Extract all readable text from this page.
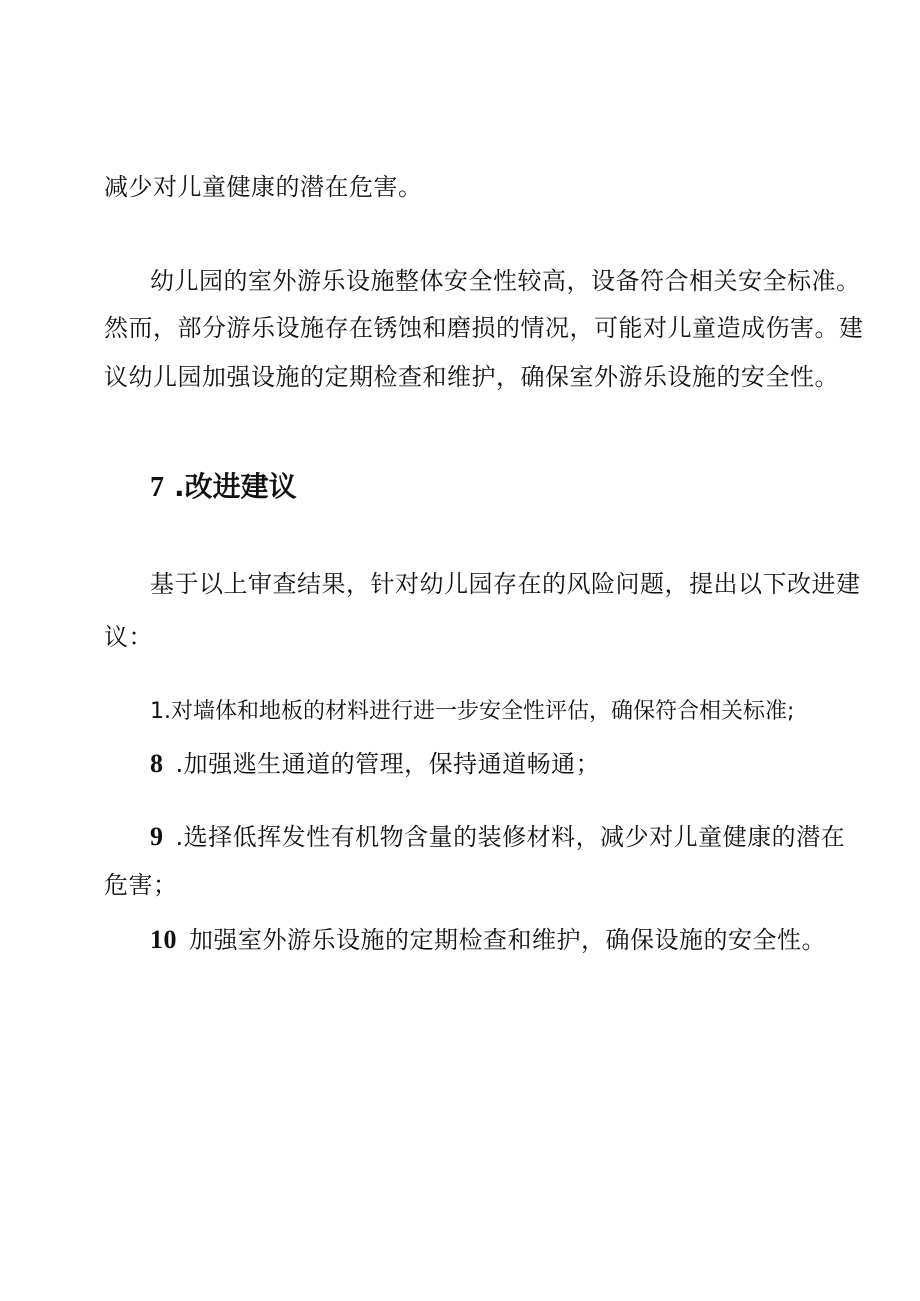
减少对儿童健康的潜在危害。
幼儿园的室外游乐设施整体安全性较高，设备符合相关安全标准。
然而，部分游乐设施存在锈蚀和磨损的情况，可能对儿童造成伤害。建
议幼儿园加强设施的定期检查和维护，确保室外游乐设施的安全性。
7 .改进建议
基于以上审查结果，针对幼儿园存在的风险问题，提出以下改进建
议：
1.对墙体和地板的材料进行进一步安全性评估，确保符合相关标准;
8 .加强逃生通道的管理，保持通道畅通；
9 .选择低挥发性有机物含量的装修材料，减少对儿童健康的潜在
危害；
10 加强室外游乐设施的定期检查和维护，确保设施的安全性。
